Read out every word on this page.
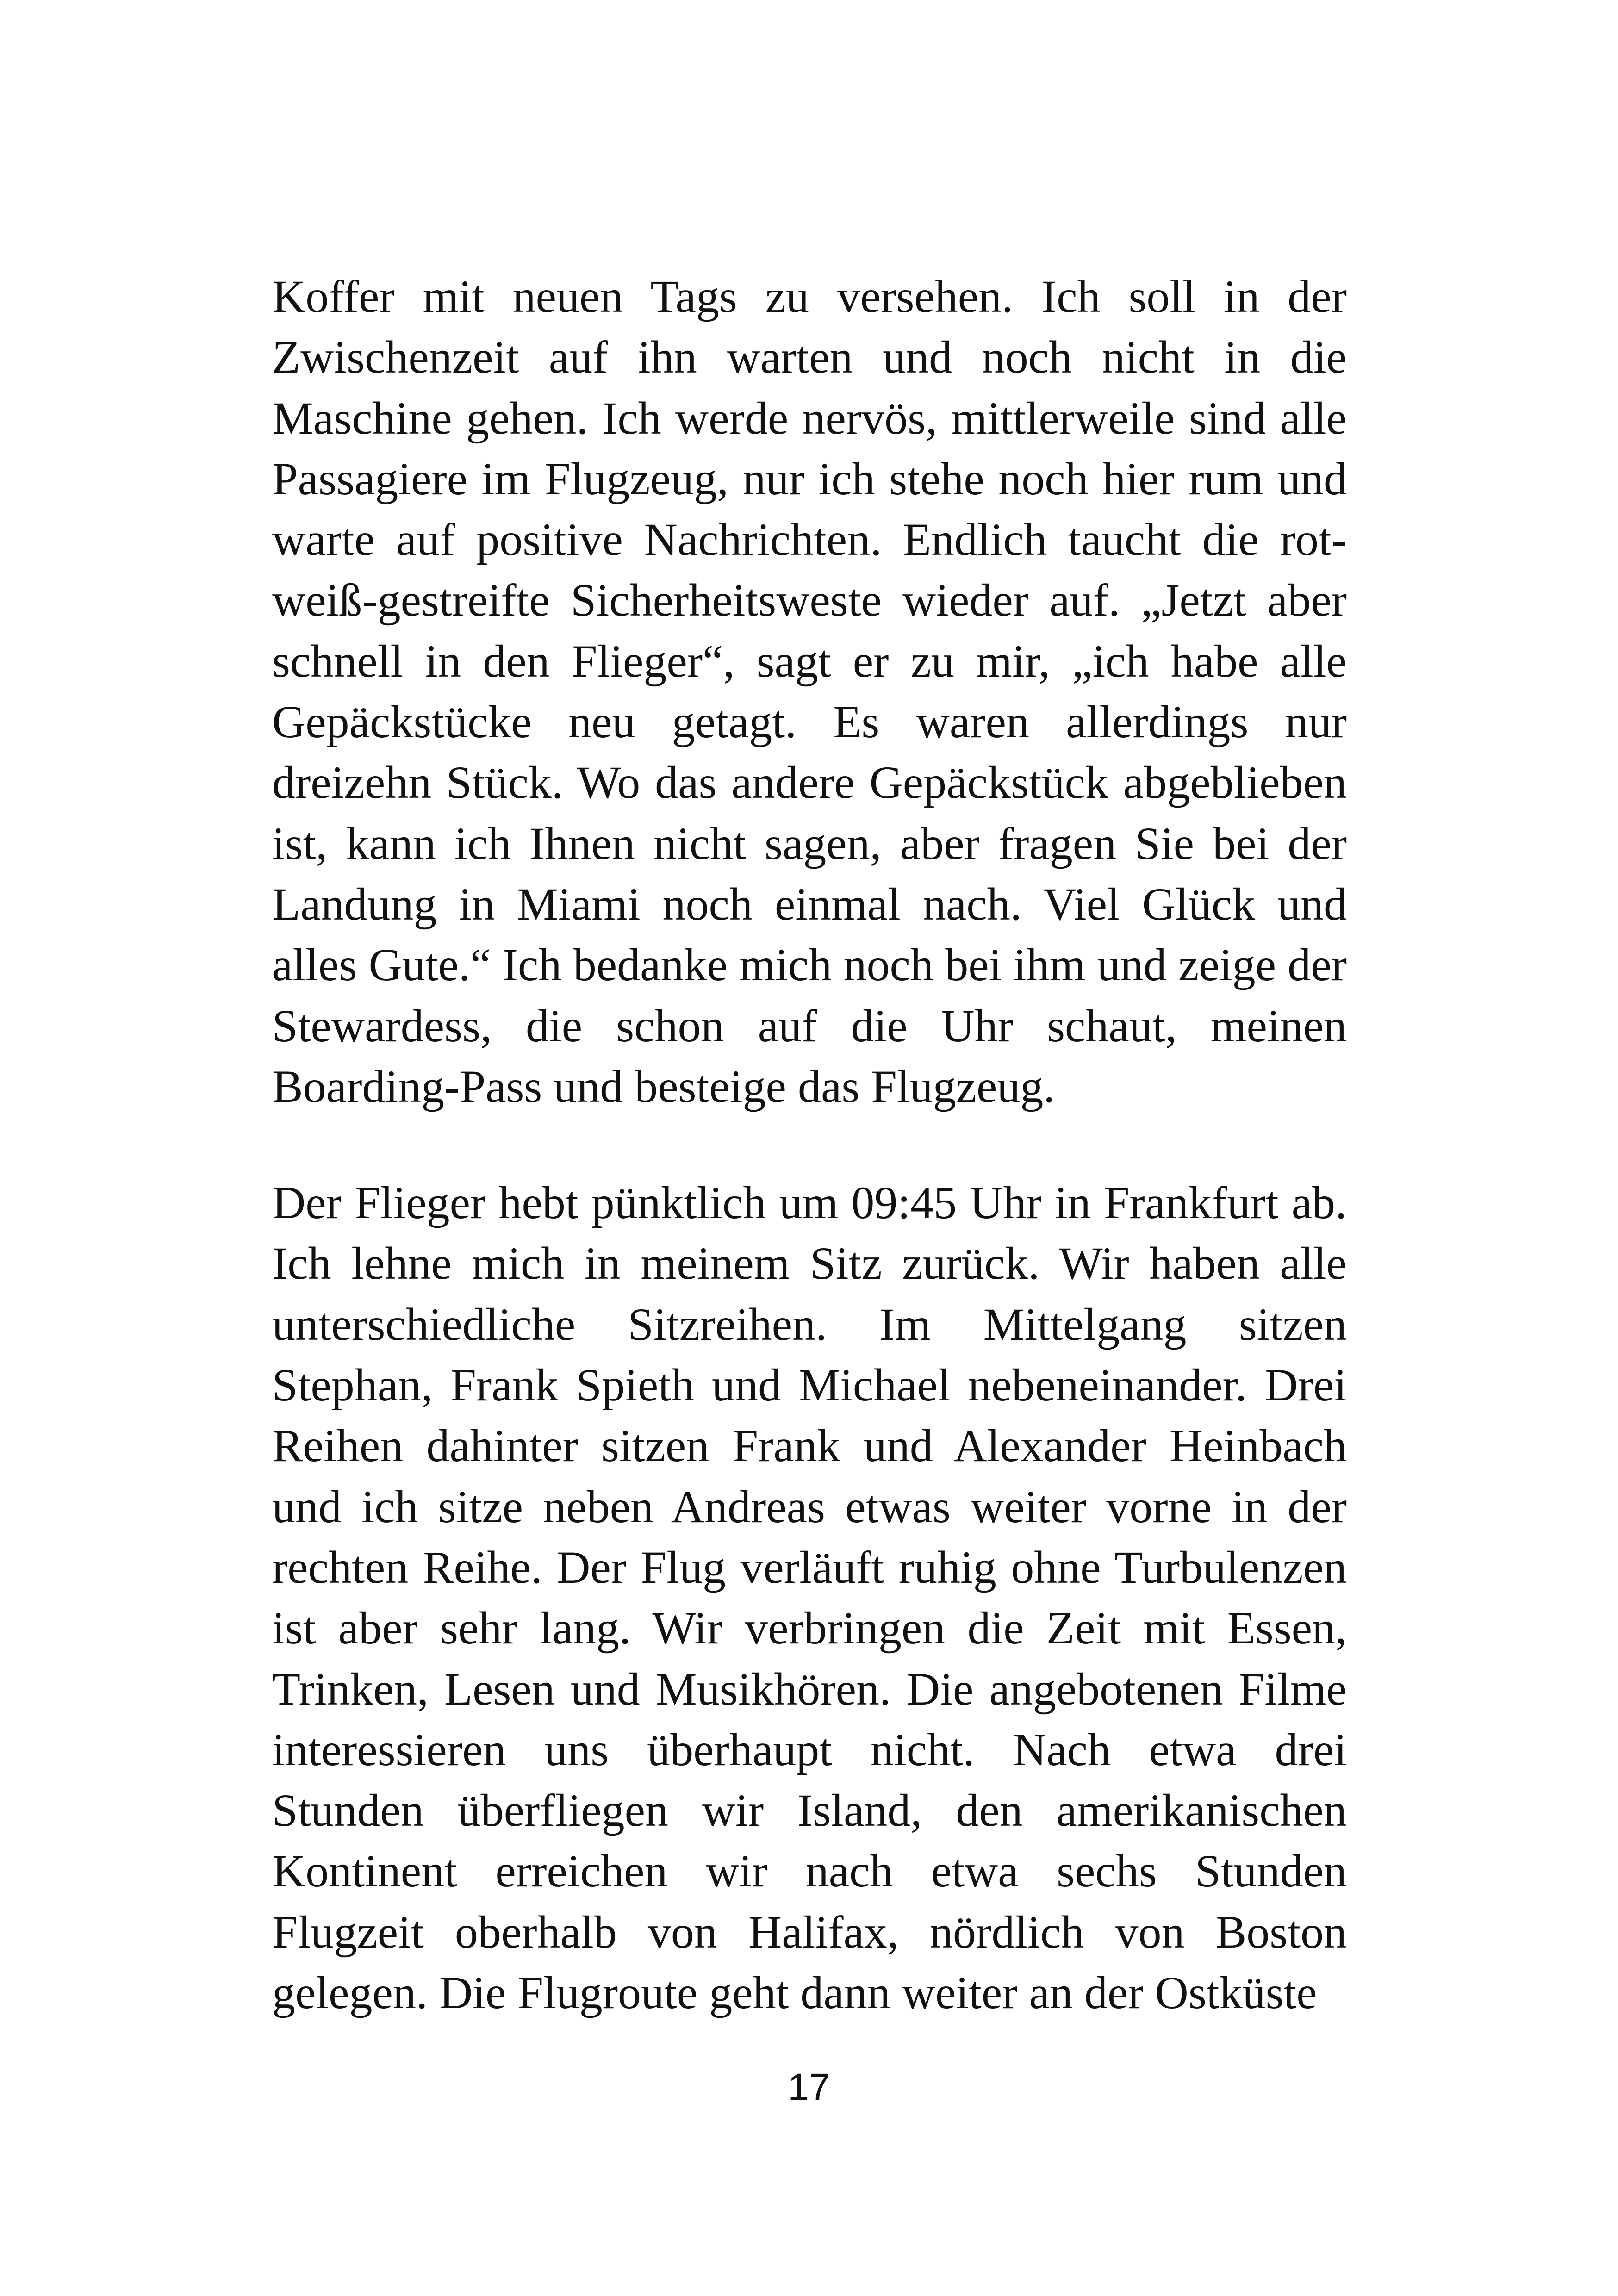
Koffer mit neuen Tags zu versehen. Ich soll in der Zwischenzeit auf ihn warten und noch nicht in die Maschine gehen. Ich werde nervös, mittlerweile sind alle Passagiere im Flugzeug, nur ich stehe noch hier rum und warte auf positive Nachrichten. Endlich taucht die rot-weiß-gestreifte Sicherheitsweste wieder auf. „Jetzt aber schnell in den Flieger“, sagt er zu mir, „ich habe alle Gepäckstücke neu getagt. Es waren allerdings nur dreizehn Stück. Wo das andere Gepäckstück abgeblieben ist, kann ich Ihnen nicht sagen, aber fragen Sie bei der Landung in Miami noch einmal nach. Viel Glück und alles Gute.“ Ich bedanke mich noch bei ihm und zeige der Stewardess, die schon auf die Uhr schaut, meinen Boarding-Pass und besteige das Flugzeug.

Der Flieger hebt pünktlich um 09:45 Uhr in Frankfurt ab. Ich lehne mich in meinem Sitz zurück. Wir haben alle unterschiedliche Sitzreihen. Im Mittelgang sitzen Stephan, Frank Spieth und Michael nebeneinander. Drei Reihen dahinter sitzen Frank und Alexander Heinbach und ich sitze neben Andreas etwas weiter vorne in der rechten Reihe. Der Flug verläuft ruhig ohne Turbulenzen ist aber sehr lang. Wir verbringen die Zeit mit Essen, Trinken, Lesen und Musikhören. Die angebotenen Filme interessieren uns überhaupt nicht. Nach etwa drei Stunden überfliegen wir Island, den amerikanischen Kontinent erreichen wir nach etwa sechs Stunden Flugzeit oberhalb von Halifax, nördlich von Boston gelegen. Die Flugroute geht dann weiter an der Ostküste

17
